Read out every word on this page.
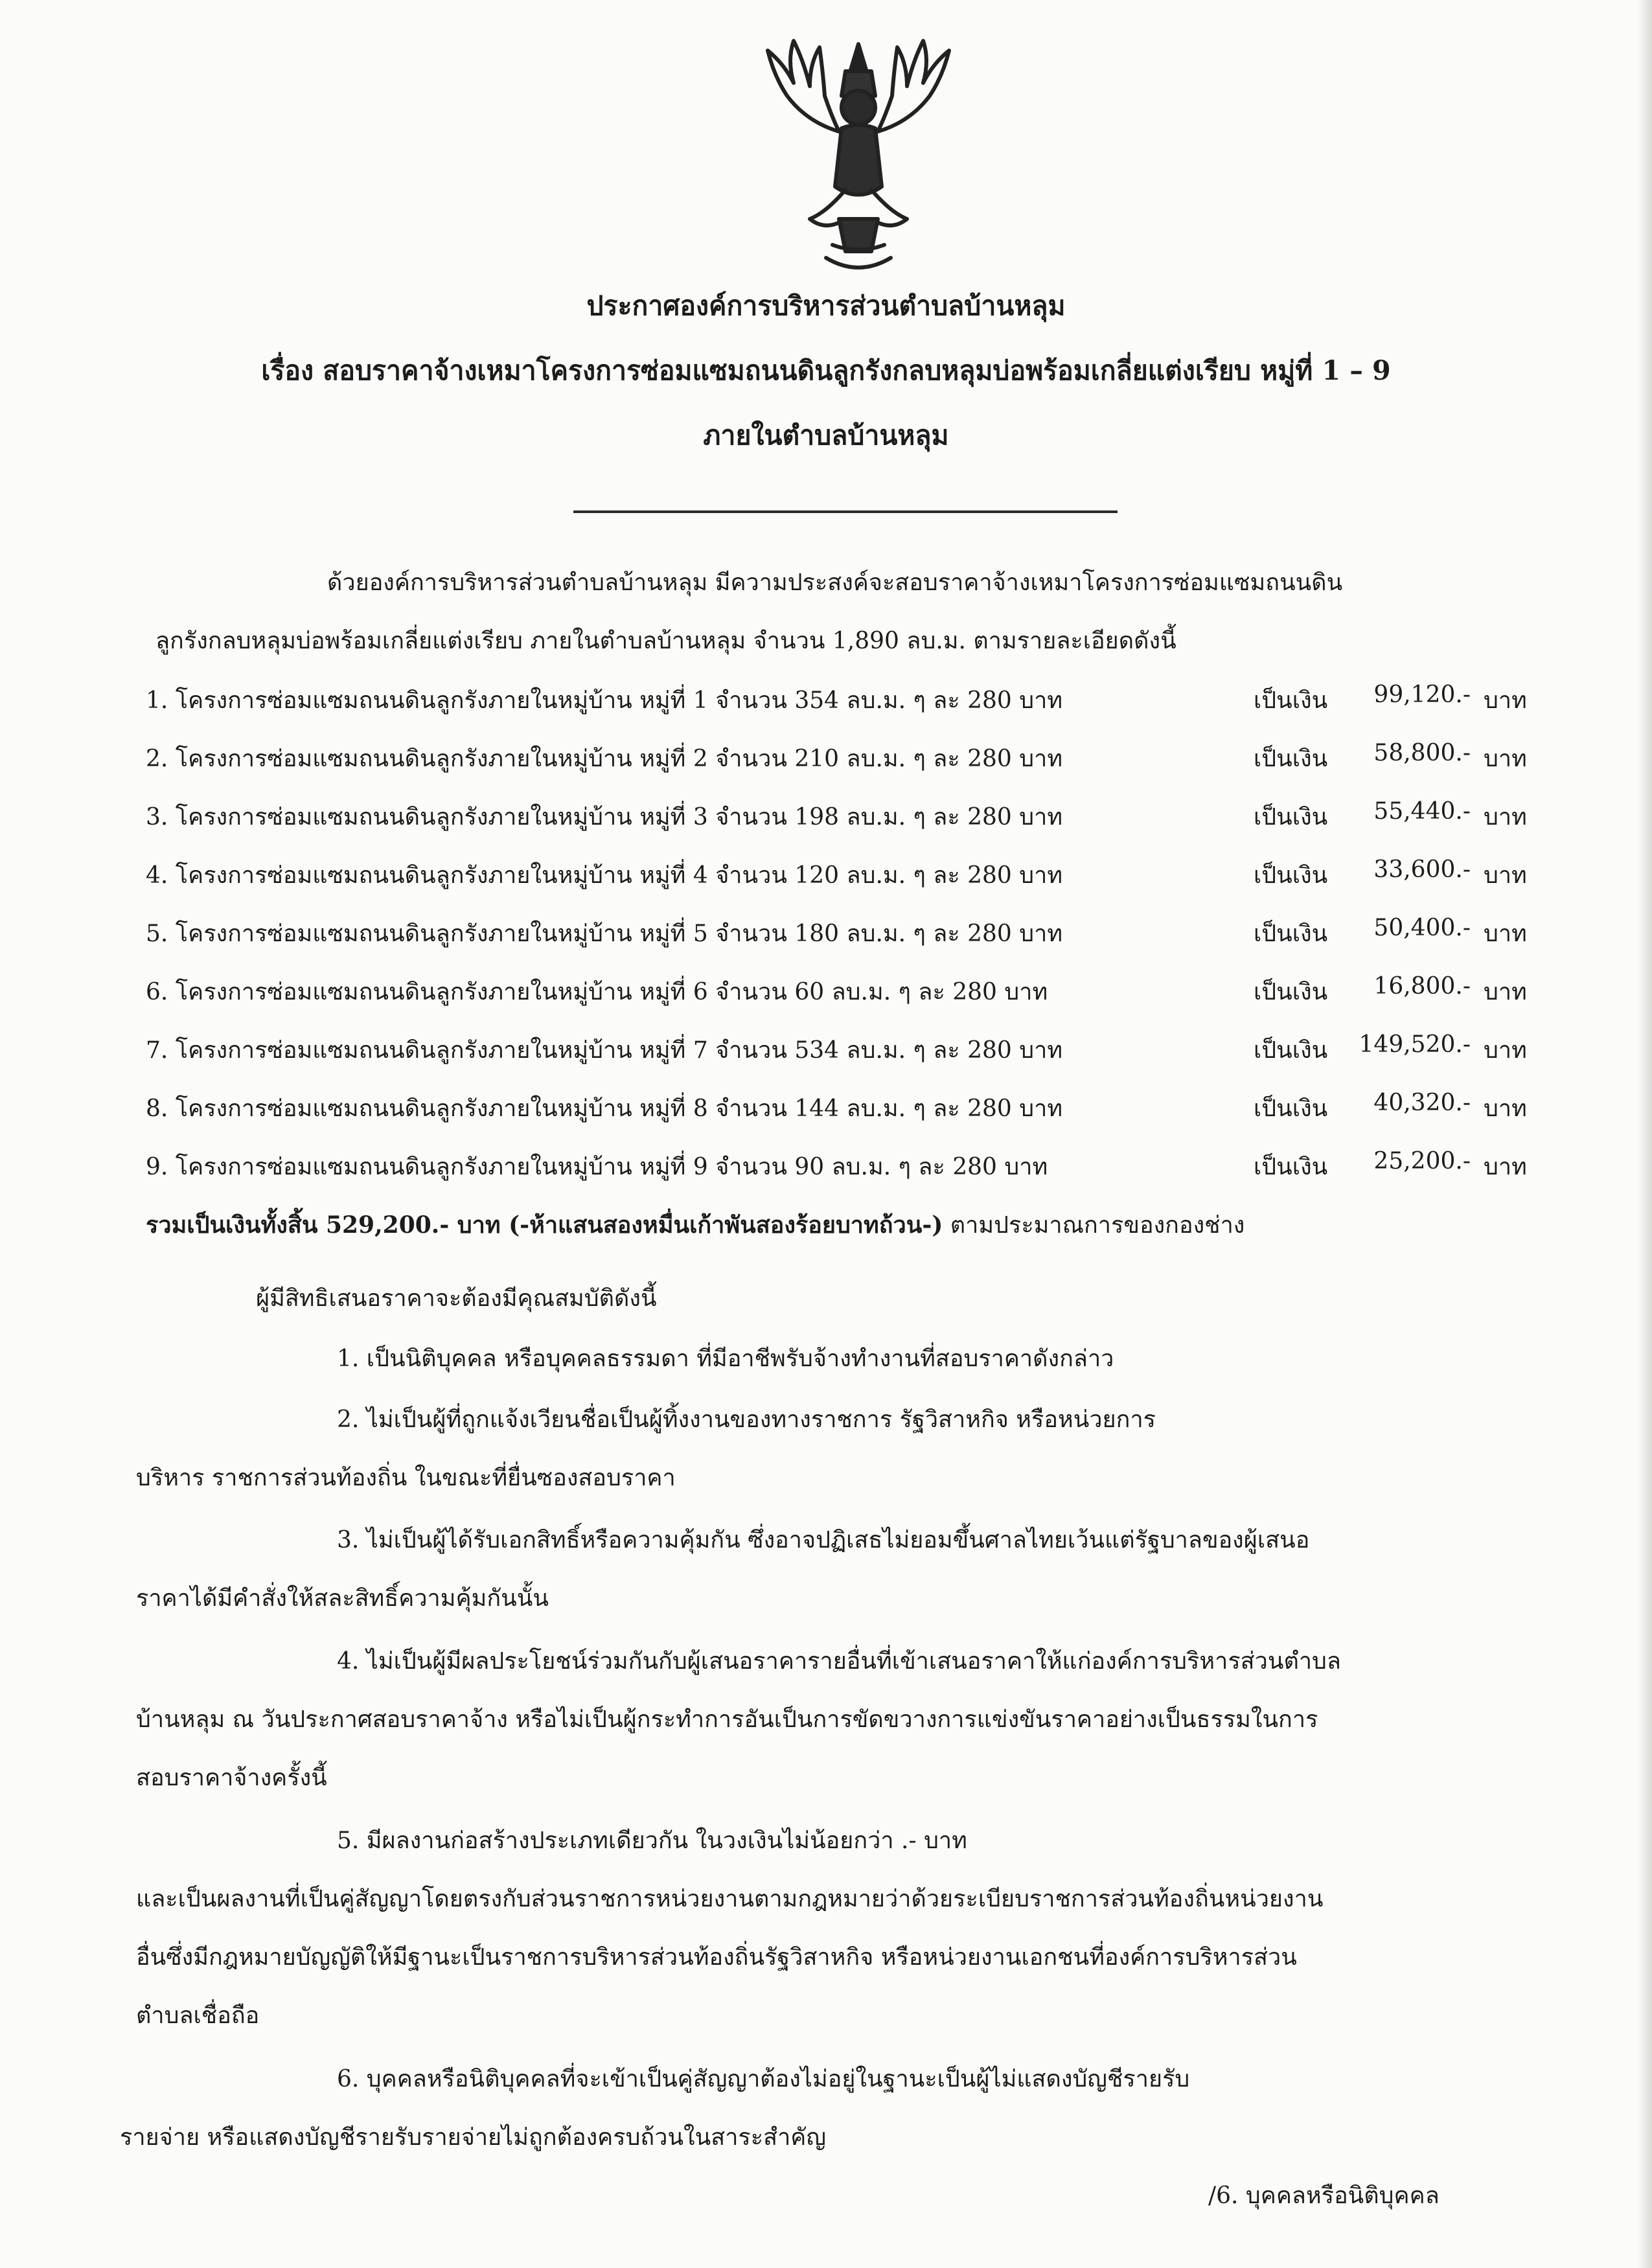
ประกาศองค์การบริหารส่วนตำบลบ้านหลุม
เรื่อง สอบราคาจ้างเหมาโครงการซ่อมแซมถนนดินลูกรังกลบหลุมบ่อพร้อมเกลี่ยแต่งเรียบ หมู่ที่ 1 – 9
ภายในตำบลบ้านหลุม
ด้วยองค์การบริหารส่วนตำบลบ้านหลุม มีความประสงค์จะสอบราคาจ้างเหมาโครงการซ่อมแซมถนนดิน
ลูกรังกลบหลุมบ่อพร้อมเกลี่ยแต่งเรียบ ภายในตำบลบ้านหลุม จำนวน 1,890 ลบ.ม. ตามรายละเอียดดังนี้
1. โครงการซ่อมแซมถนนดินลูกรังภายในหมู่บ้าน หมู่ที่ 1 จำนวน 354 ลบ.ม. ๆ ละ 280 บาท	เป็นเงิน	99,120.- บาท
2. โครงการซ่อมแซมถนนดินลูกรังภายในหมู่บ้าน หมู่ที่ 2 จำนวน 210 ลบ.ม. ๆ ละ 280 บาท	เป็นเงิน	58,800.- บาท
3. โครงการซ่อมแซมถนนดินลูกรังภายในหมู่บ้าน หมู่ที่ 3 จำนวน 198 ลบ.ม. ๆ ละ 280 บาท	เป็นเงิน	55,440.- บาท
4. โครงการซ่อมแซมถนนดินลูกรังภายในหมู่บ้าน หมู่ที่ 4 จำนวน 120 ลบ.ม. ๆ ละ 280 บาท	เป็นเงิน	33,600.- บาท
5. โครงการซ่อมแซมถนนดินลูกรังภายในหมู่บ้าน หมู่ที่ 5 จำนวน 180 ลบ.ม. ๆ ละ 280 บาท	เป็นเงิน	50,400.- บาท
6. โครงการซ่อมแซมถนนดินลูกรังภายในหมู่บ้าน หมู่ที่ 6 จำนวน 60 ลบ.ม. ๆ ละ 280 บาท	เป็นเงิน	16,800.- บาท
7. โครงการซ่อมแซมถนนดินลูกรังภายในหมู่บ้าน หมู่ที่ 7 จำนวน 534 ลบ.ม. ๆ ละ 280 บาท	เป็นเงิน	149,520.- บาท
8. โครงการซ่อมแซมถนนดินลูกรังภายในหมู่บ้าน หมู่ที่ 8 จำนวน 144 ลบ.ม. ๆ ละ 280 บาท	เป็นเงิน	40,320.- บาท
9. โครงการซ่อมแซมถนนดินลูกรังภายในหมู่บ้าน หมู่ที่ 9 จำนวน 90 ลบ.ม. ๆ ละ 280 บาท	เป็นเงิน	25,200.- บาท
รวมเป็นเงินทั้งสิ้น 529,200.- บาท (-ห้าแสนสองหมื่นเก้าพันสองร้อยบาทถ้วน-) ตามประมาณการของกองช่าง
ผู้มีสิทธิเสนอราคาจะต้องมีคุณสมบัติดังนี้
1. เป็นนิติบุคคล หรือบุคคลธรรมดา ที่มีอาชีพรับจ้างทำงานที่สอบราคาดังกล่าว
2. ไม่เป็นผู้ที่ถูกแจ้งเวียนชื่อเป็นผู้ทิ้งงานของทางราชการ รัฐวิสาหกิจ หรือหน่วยการ
บริหาร ราชการส่วนท้องถิ่น ในขณะที่ยื่นซองสอบราคา
3. ไม่เป็นผู้ได้รับเอกสิทธิ์หรือความคุ้มกัน ซึ่งอาจปฏิเสธไม่ยอมขึ้นศาลไทยเว้นแต่รัฐบาลของผู้เสนอ
ราคาได้มีคำสั่งให้สละสิทธิ์ความคุ้มกันนั้น
4. ไม่เป็นผู้มีผลประโยชน์ร่วมกันกับผู้เสนอราคารายอื่นที่เข้าเสนอราคาให้แก่องค์การบริหารส่วนตำบล
บ้านหลุม ณ วันประกาศสอบราคาจ้าง หรือไม่เป็นผู้กระทำการอันเป็นการขัดขวางการแข่งขันราคาอย่างเป็นธรรมในการ
สอบราคาจ้างครั้งนี้
5. มีผลงานก่อสร้างประเภทเดียวกัน ในวงเงินไม่น้อยกว่า .- บาท
และเป็นผลงานที่เป็นคู่สัญญาโดยตรงกับส่วนราชการหน่วยงานตามกฎหมายว่าด้วยระเบียบราชการส่วนท้องถิ่นหน่วยงาน
อื่นซึ่งมีกฎหมายบัญญัติให้มีฐานะเป็นราชการบริหารส่วนท้องถิ่นรัฐวิสาหกิจ หรือหน่วยงานเอกชนที่องค์การบริหารส่วน
ตำบลเชื่อถือ
6. บุคคลหรือนิติบุคคลที่จะเข้าเป็นคู่สัญญาต้องไม่อยู่ในฐานะเป็นผู้ไม่แสดงบัญชีรายรับ
รายจ่าย หรือแสดงบัญชีรายรับรายจ่ายไม่ถูกต้องครบถ้วนในสาระสำคัญ
/6. บุคคลหรือนิติบุคคล
